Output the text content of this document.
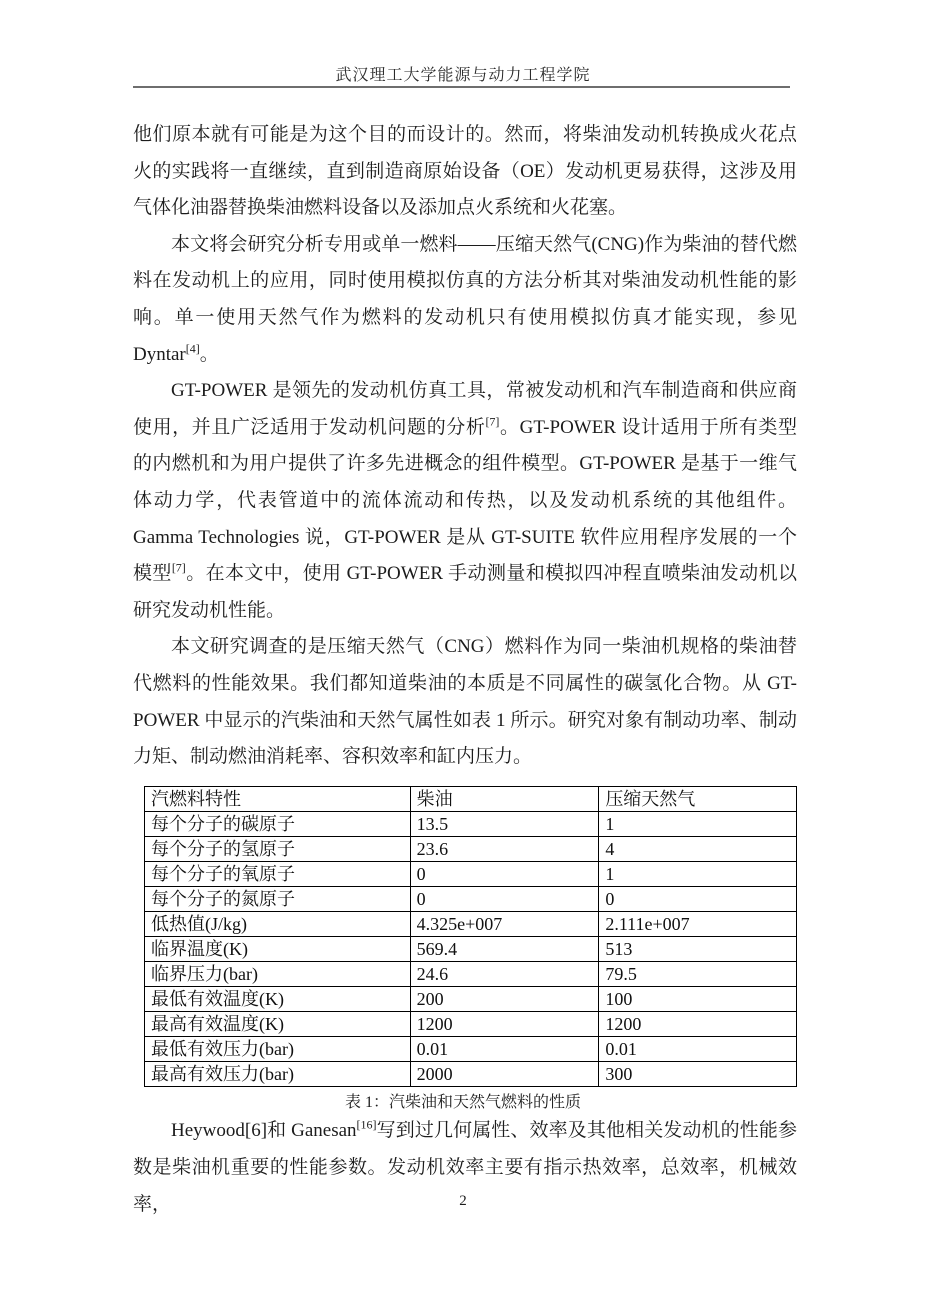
武汉理工大学能源与动力工程学院

他们原本就有可能是为这个目的而设计的。然而，将柴油发动机转换成火花点火的实践将一直继续，直到制造商原始设备（OE）发动机更易获得，这涉及用气体化油器替换柴油燃料设备以及添加点火系统和火花塞。

本文将会研究分析专用或单一燃料——压缩天然气(CNG)作为柴油的替代燃料在发动机上的应用，同时使用模拟仿真的方法分析其对柴油发动机性能的影响。单一使用天然气作为燃料的发动机只有使用模拟仿真才能实现，参见 Dyntar[4]。

GT-POWER 是领先的发动机仿真工具，常被发动机和汽车制造商和供应商使用，并且广泛适用于发动机问题的分析[7]。GT-POWER 设计适用于所有类型的内燃机和为用户提供了许多先进概念的组件模型。GT-POWER 是基于一维气体动力学，代表管道中的流体流动和传热，以及发动机系统的其他组件。Gamma Technologies 说，GT-POWER 是从 GT-SUITE 软件应用程序发展的一个模型[7]。在本文中，使用 GT-POWER 手动测量和模拟四冲程直喷柴油发动机以研究发动机性能。

本文研究调查的是压缩天然气（CNG）燃料作为同一柴油机规格的柴油替代燃料的性能效果。我们都知道柴油的本质是不同属性的碳氢化合物。从 GT-POWER 中显示的汽柴油和天然气属性如表 1 所示。研究对象有制动功率、制动力矩、制动燃油消耗率、容积效率和缸内压力。

汽燃料特性	柴油	压缩天然气
每个分子的碳原子	13.5	1
每个分子的氢原子	23.6	4
每个分子的氧原子	0	1
每个分子的氮原子	0	0
低热值(J/kg)	4.325e+007	2.111e+007
临界温度(K)	569.4	513
临界压力(bar)	24.6	79.5
最低有效温度(K)	200	100
最高有效温度(K)	1200	1200
最低有效压力(bar)	0.01	0.01
最高有效压力(bar)	2000	300
表 1：汽柴油和天然气燃料的性质

Heywood[6]和 Ganesan[16]写到过几何属性、效率及其他相关发动机的性能参数是柴油机重要的性能参数。发动机效率主要有指示热效率，总效率，机械效率，	2
